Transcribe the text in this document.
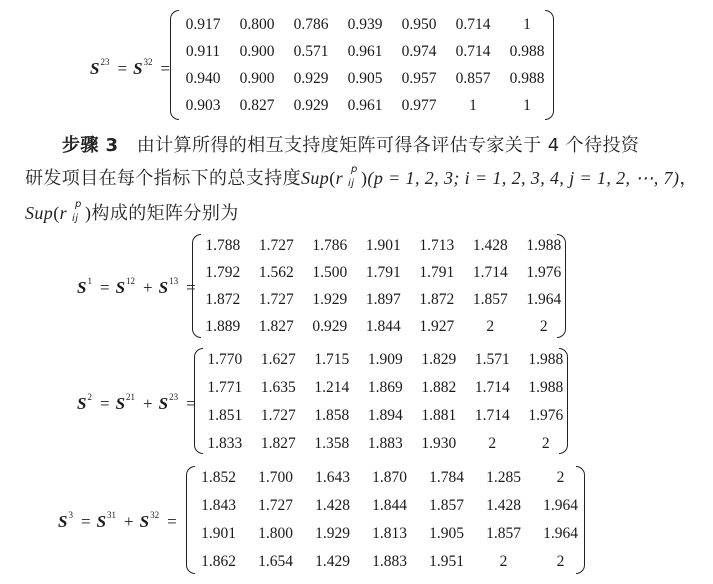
$S^{23} = S^{32}$ =
0.917	0.800	0.786	0.939	0.950	0.714	1
0.911	0.900	0.571	0.961	0.974	0.714	0.988
0.940	0.900	0.929	0.905	0.957	0.857	0.988
0.903	0.827	0.929	0.961	0.977	1	1
步骤 3 由计算所得的相互支持度矩阵可得各评估专家关于 4 个待投资
研发项目在每个指标下的总支持度Sup(r p
ij )(p = 1, 2, 3; i = 1, 2, 3, 4, j = 1, 2, ⋯, 7)，
Sup(r p
ij )构成的矩阵分别为
$S^1 = S^{12} + S^{13}$ =
1.788	1.727	1.786	1.901	1.713	1.428	1.988
1.792	1.562	1.500	1.791	1.791	1.714	1.976
1.872	1.727	1.929	1.897	1.872	1.857	1.964
1.889	1.827	0.929	1.844	1.927	2	2
$S^2 = S^{21} + S^{23}$ =
1.770	1.627	1.715	1.909	1.829	1.571	1.988
1.771	1.635	1.214	1.869	1.882	1.714	1.988
1.851	1.727	1.858	1.894	1.881	1.714	1.976
1.833	1.827	1.358	1.883	1.930	2	2
$S^3 = S^{31} + S^{32}$ =
1.852	1.700	1.643	1.870	1.784	1.285	2
1.843	1.727	1.428	1.844	1.857	1.428	1.964
1.901	1.800	1.929	1.813	1.905	1.857	1.964
1.862	1.654	1.429	1.883	1.951	2	2
